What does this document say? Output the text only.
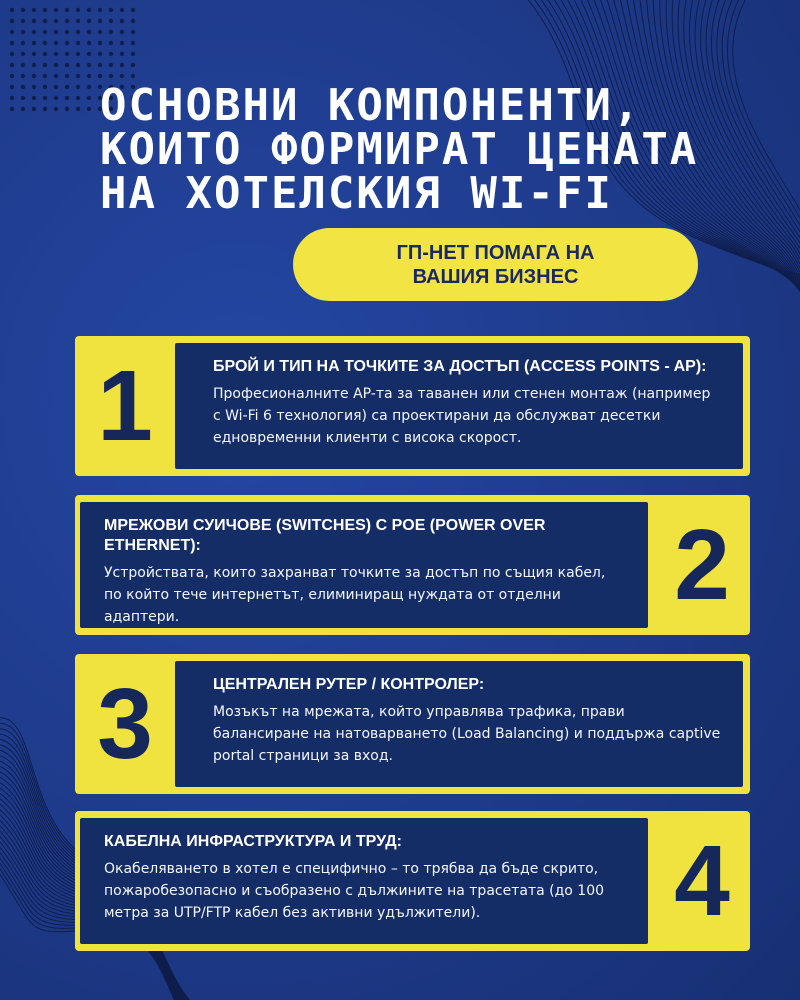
ОСНОВНИ КОМПОНЕНТИ, КОИТО ФОРМИРАТ ЦЕНАТА НА ХОТЕЛСКИЯ WI-FI
ГП-НЕТ ПОМАГА НА ВАШИЯ БИЗНЕС
1	БРОЙ И ТИП НА ТОЧКИТЕ ЗА ДОСТЪП (ACCESS POINTS - AP):

Професионалните AP-та за таванен или стенен монтаж (например с Wi-Fi 6 технология) са проектирани да обслужват десетки едновременни клиенти с висока скорост.

МРЕЖОВИ СУИЧОВЕ (SWITCHES) С POE (POWER OVER ETHERNET):

Устройствата, които захранват точките за достъп по същия кабел, по който тече интернетът, елиминиращ нуждата от отделни адаптери.	2
3	ЦЕНТРАЛЕН РУТЕР / КОНТРОЛЕР:

Мозъкът на мрежата, който управлява трафика, прави балансиране на натоварването (Load Balancing) и поддържа captive portal страници за вход.

КАБЕЛНА ИНФРАСТРУКТУРА И ТРУД:

Окабеляването в хотел е специфично – то трябва да бъде скрито, пожаробезопасно и съобразено с дължините на трасетата (до 100 метра за UTP/FTP кабел без активни удължители).	4
